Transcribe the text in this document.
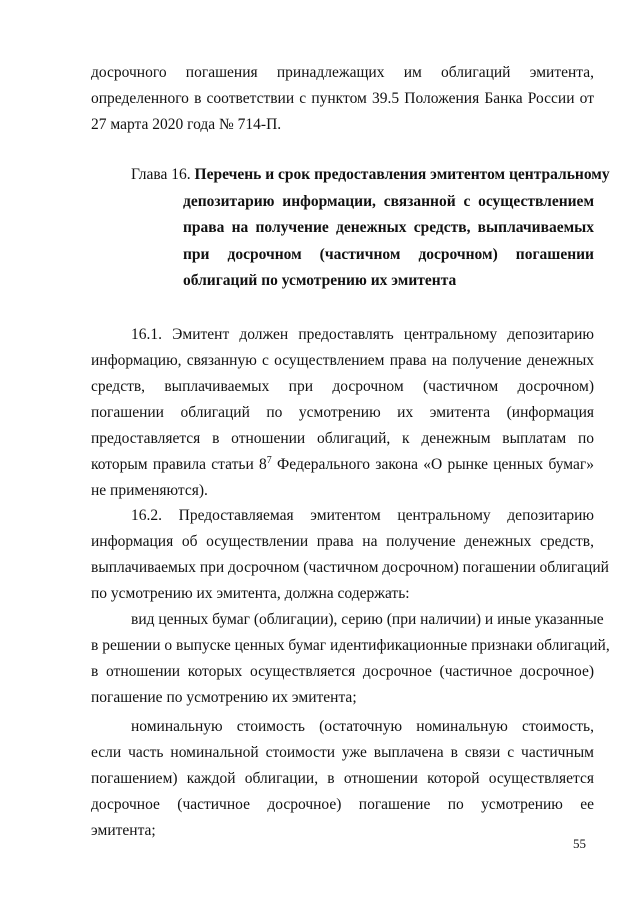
досрочного погашения принадлежащих им облигаций эмитента,
определенного в соответствии с пунктом 39.5 Положения Банка России от
27 марта 2020 года № 714-П.
Глава 16. Перечень и срок предоставления эмитентом центральному
депозитарию информации, связанной с осуществлением
права на получение денежных средств, выплачиваемых
при досрочном (частичном досрочном) погашении
облигаций по усмотрению их эмитента
16.1. Эмитент должен предоставлять центральному депозитарию
информацию, связанную с осуществлением права на получение денежных
средств, выплачиваемых при досрочном (частичном досрочном)
погашении облигаций по усмотрению их эмитента (информация
предоставляется в отношении облигаций, к денежным выплатам по
которым правила статьи $8^7$ Федерального закона «О рынке ценных бумаг»
не применяются).
16.2. Предоставляемая эмитентом центральному депозитарию
информация об осуществлении права на получение денежных средств,
выплачиваемых при досрочном (частичном досрочном) погашении облигаций
по усмотрению их эмитента, должна содержать:
вид ценных бумаг (облигации), серию (при наличии) и иные указанные
в решении о выпуске ценных бумаг идентификационные признаки облигаций,
в отношении которых осуществляется досрочное (частичное досрочное)
погашение по усмотрению их эмитента;
номинальную стоимость (остаточную номинальную стоимость,
если часть номинальной стоимости уже выплачена в связи с частичным
погашением) каждой облигации, в отношении которой осуществляется
досрочное (частичное досрочное) погашение по усмотрению ее
эмитента;
55
